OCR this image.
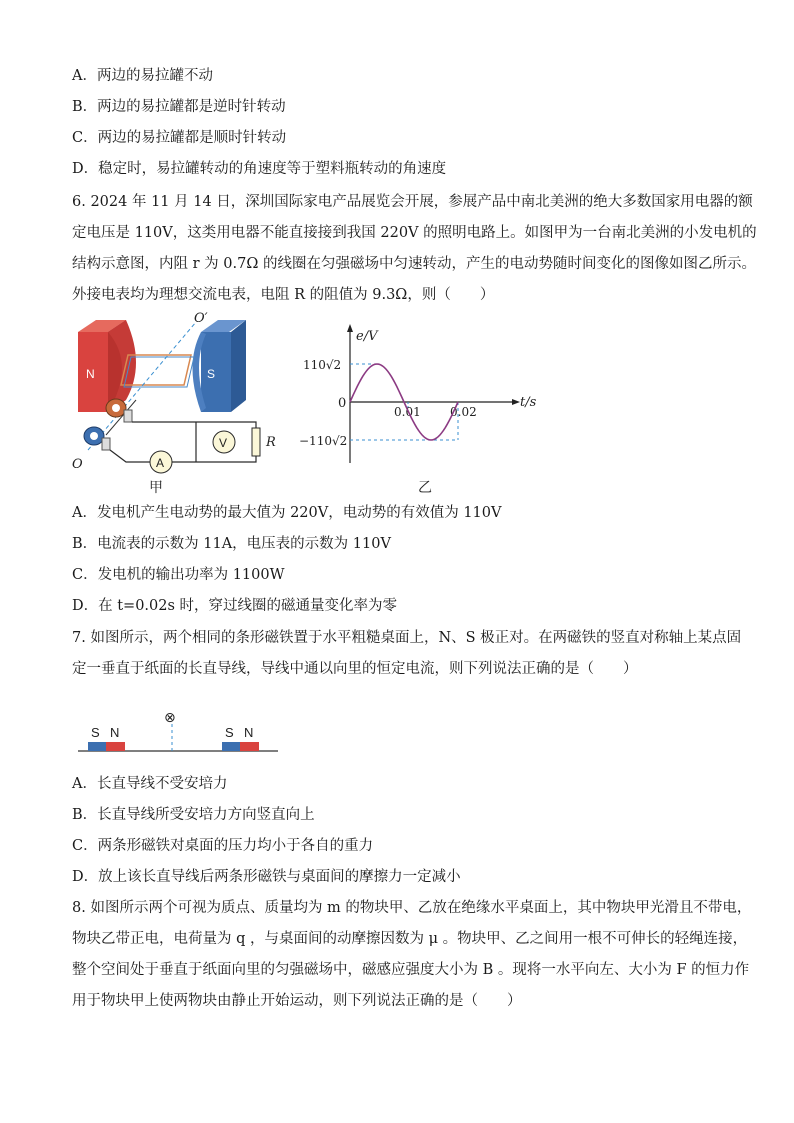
A．两边的易拉罐不动
B．两边的易拉罐都是逆时针转动
C．两边的易拉罐都是顺时针转动
D．稳定时，易拉罐转动的角速度等于塑料瓶转动的角速度
6. 2024 年 11 月 14 日，深圳国际家电产品展览会开展，参展产品中南北美洲的绝大多数国家用电器的额
定电压是 110V，这类用电器不能直接接到我国 220V 的照明电路上。如图甲为一台南北美洲的小发电机的
结构示意图，内阻 r 为 0.7Ω 的线圈在匀强磁场中匀速转动，产生的电动势随时间变化的图像如图乙所示。
外接电表均为理想交流电表，电阻 R 的阻值为 9.3Ω，则（　　）
N	S
O′
O
V	R
A
甲
e/V
t/s
0
110√2
−110√2
0.01 0.02
乙
A．发电机产生电动势的最大值为 220V，电动势的有效值为 110V
B．电流表的示数为 11A，电压表的示数为 110V
C．发电机的输出功率为 1100W
D．在 t=0.02s 时，穿过线圈的磁通量变化率为零
7. 如图所示，两个相同的条形磁铁置于水平粗糙桌面上，N、S 极正对。在两磁铁的竖直对称轴上某点固
定一垂直于纸面的长直导线，导线中通以向里的恒定电流，则下列说法正确的是（　　）
⊗
S N	S N
A．长直导线不受安培力
B．长直导线所受安培力方向竖直向上
C．两条形磁铁对桌面的压力均小于各自的重力
D．放上该长直导线后两条形磁铁与桌面间的摩擦力一定减小
8. 如图所示两个可视为质点、质量均为 m 的物块甲、乙放在绝缘水平桌面上，其中物块甲光滑且不带电，
物块乙带正电，电荷量为 q ，与桌面间的动摩擦因数为 μ 。物块甲、乙之间用一根不可伸长的轻绳连接，
整个空间处于垂直于纸面向里的匀强磁场中，磁感应强度大小为 B 。现将一水平向左、大小为 F 的恒力作
用于物块甲上使两物块由静止开始运动，则下列说法正确的是（　　）
